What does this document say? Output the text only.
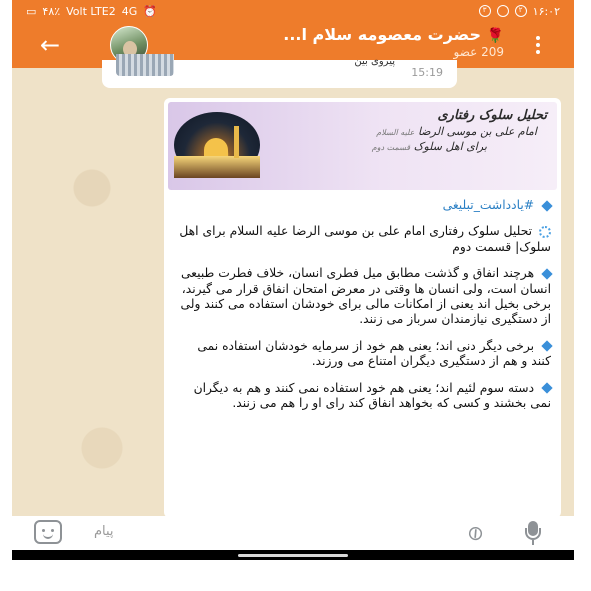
▭ ۴۸٪ Volt LTE2 4G ⏰	۳	۲ ۱۶:۰۲
←	🌹 حضرت معصومه سلام ا...
209 عضو
پیروی بین
15:19
تحلیل سلوک رفتاری
امام علی بن موسی الرضا علیه السلام
برای اهل سلوک قسمت دوم

#یادداشت_تبلیغی

تحلیل سلوک رفتاری امام علی بن موسی الرضا علیه السلام برای اهل سلوک| قسمت دوم

هرچند انفاق و گذشت مطابق میل فطری انسان، خلاف فطرت طبیعی انسان است، ولی انسان ها وقتی در معرض امتحان انفاق قرار می گیرند، برخی بخیل اند یعنی از امکانات مالی برای خودشان استفاده می کنند ولی از دستگیری نیازمندان سرباز می زنند.

برخی دیگر دنی اند؛ یعنی هم خود از سرمایه خودشان استفاده نمی کنند و هم از دستگیری دیگران امتناع می ورزند.

دسته سوم لئیم اند؛ یعنی هم خود استفاده نمی کنند و هم به دیگران نمی بخشند و کسی که بخواهد انفاق کند رای او را هم می زنند.

پیام	⊘
